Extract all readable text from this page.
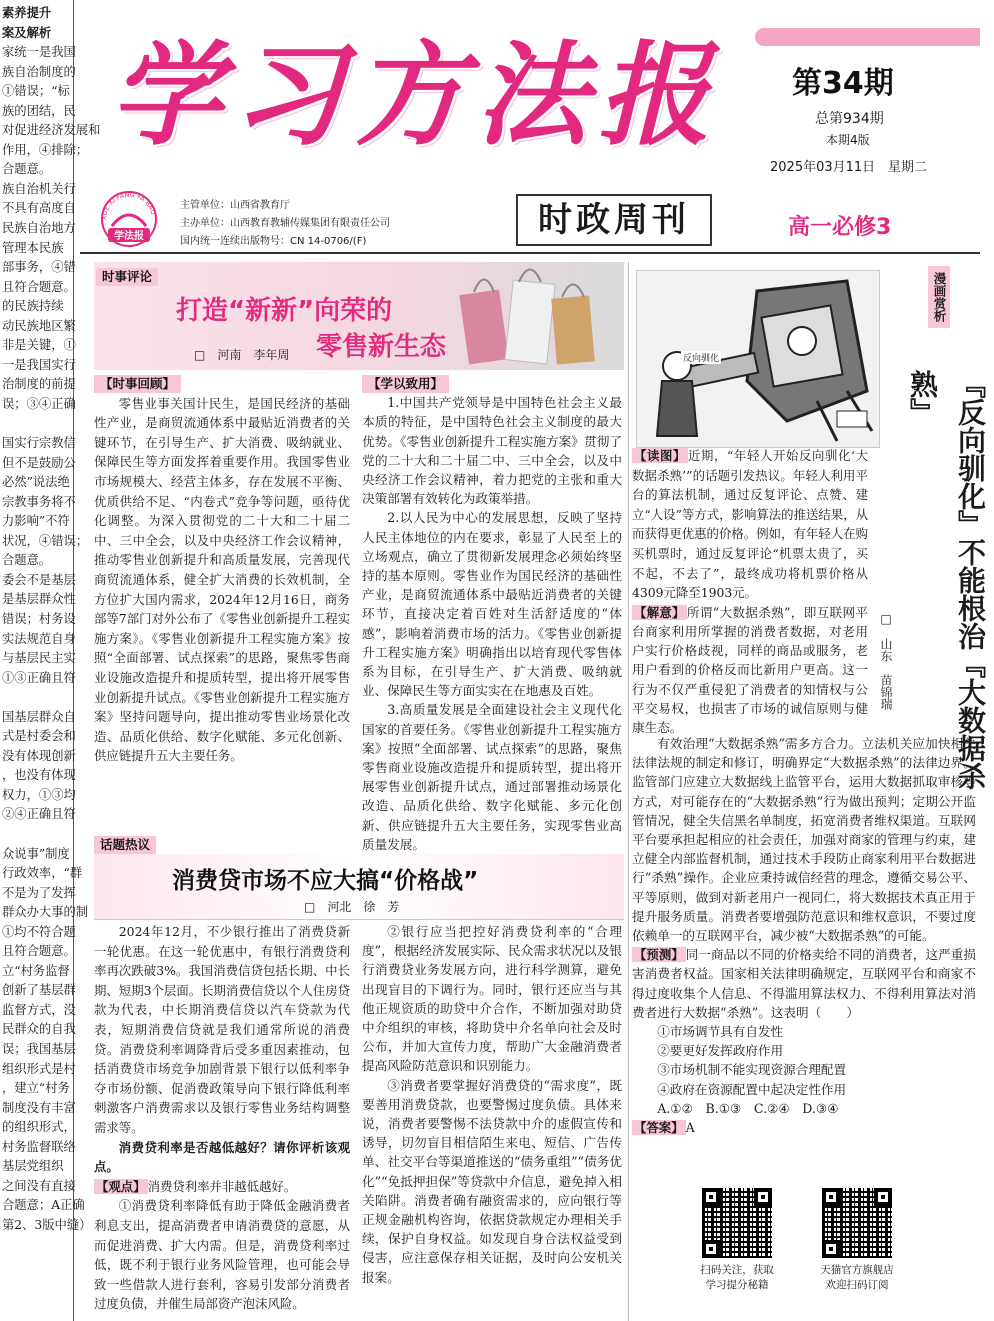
素养提升
案及解析
家统一是我国
族自治制度的
①错误；“标
族的团结，民
对促进经济发展和
作用，④排除；
合题意。
族自治机关行
不具有高度自
民族自治地方
管理本民族
部事务，④错
且符合题意。
的民族持续
动民族地区繁
非是关键，①
一是我国实行
治制度的前提
误；③④正确

国实行宗教信
但不是鼓励公
必然”说法绝
宗教事务将不
力影响”不符
状况，④错误；
合题意。
委会不是基层
是基层群众性
错误；村务设
实法规范自身
与基层民主实
①③正确且符

国基层群众自
式是村委会和
没有体现创新
，也没有体现
权力，①③均
②④正确且符

众说事”制度
行政效率，“群
不是为了发挥
群众办大事的制
①均不符合题
且符合题意。
立“村务监督
创新了基层群
监督方式，没
民群众的自我
误；我国基层
组织形式是村
，建立“村务
制度没有丰富
的组织形式，
村务监督联络
基层党组织
之间没有直接
合题意；A正确
第2、3版中缝）
学习方法报 第34期
总第934期
本期4版
2025年03月11日 星期二
XUE XI FANG FA BAO
学法报
主管单位：山西省教育厅
主办单位：山西教育教辅传媒集团有限责任公司
国内统一连续出版物号：CN 14-0706/(F)
时政周刊	高一必修3
时事评论
打造“新新”向荣的
零售新生态
□　河南　李年周
【时事回顾】

零售业事关国计民生，是国民经济的基础性产业，是商贸流通体系中最贴近消费者的关键环节，在引导生产、扩大消费、吸纳就业、保障民生等方面发挥着重要作用。我国零售业市场规模大、经营主体多，存在发展不平衡、优质供给不足、“内卷式”竞争等问题，亟待优化调整。为深入贯彻党的二十大和二十届二中、三中全会，以及中央经济工作会议精神，推动零售业创新提升和高质量发展，完善现代商贸流通体系，健全扩大消费的长效机制，全方位扩大国内需求，2024年12月16日，商务部等7部门对外公布了《零售业创新提升工程实施方案》。《零售业创新提升工程实施方案》按照“全面部署、试点探索”的思路，聚焦零售商业设施改造提升和提质转型，提出将开展零售业创新提升试点。《零售业创新提升工程实施方案》坚持问题导向，提出推动零售业场景化改造、品质化供给、数字化赋能、多元化创新、供应链提升五大主要任务。

【学以致用】

1.中国共产党领导是中国特色社会主义最本质的特征，是中国特色社会主义制度的最大优势。《零售业创新提升工程实施方案》贯彻了党的二十大和二十届二中、三中全会，以及中央经济工作会议精神，着力把党的主张和重大决策部署有效转化为政策举措。

2.以人民为中心的发展思想，反映了坚持人民主体地位的内在要求，彰显了人民至上的立场观点，确立了贯彻新发展理念必须始终坚持的基本原则。零售业作为国民经济的基础性产业，是商贸流通体系中最贴近消费者的关键环节，直接决定着百姓对生活舒适度的“体感”，影响着消费市场的活力。《零售业创新提升工程实施方案》明确指出以培育现代零售体系为目标，在引导生产、扩大消费、吸纳就业、保障民生等方面实实在在地惠及百姓。

3.高质量发展是全面建设社会主义现代化国家的首要任务。《零售业创新提升工程实施方案》按照“全面部署、试点探索”的思路，聚焦零售商业设施改造提升和提质转型，提出将开展零售业创新提升试点，通过部署推动场景化改造、品质化供给、数字化赋能、多元化创新、供应链提升五大主要任务，实现零售业高质量发展。

话题热议
消费贷市场不应大搞“价格战”
□　河北　徐　芳

2024年12月，不少银行推出了消费贷新一轮优惠。在这一轮优惠中，有银行消费贷利率再次跌破3%。我国消费信贷包括长期、中长期、短期3个层面。长期消费信贷以个人住房贷款为代表，中长期消费信贷以汽车贷款为代表，短期消费信贷就是我们通常所说的消费贷。消费贷利率调降背后受多重因素推动，包括消费贷市场竞争加剧背景下银行以低利率争夺市场份额、促消费政策导向下银行降低利率刺激客户消费需求以及银行零售业务结构调整需求等。

消费贷利率是否越低越好？请你评析该观点。

【观点】 消费贷利率并非越低越好。

①消费贷利率降低有助于降低金融消费者利息支出，提高消费者申请消费贷的意愿，从而促进消费、扩大内需。但是，消费贷利率过低，既不利于银行业务风险管理，也可能会导致一些借款人进行套利，容易引发部分消费者过度负债，并催生局部资产泡沫风险。

②银行应当把控好消费贷利率的“合理度”，根据经济发展实际、民众需求状况以及银行消费贷业务发展方向，进行科学测算，避免出现盲目的下调行为。同时，银行还应当与其他正规资质的助贷中介合作，不断加强对助贷中介组织的审核，将助贷中介名单向社会及时公布，并加大宣传力度，帮助广大金融消费者提高风险防范意识和识别能力。

③消费者要掌握好消费贷的“需求度”，既要善用消费贷款，也要警惕过度负债。具体来说，消费者要警惕不法贷款中介的虚假宣传和诱导，切勿盲目相信陌生来电、短信、广告传单、社交平台等渠道推送的“债务重组”“债务优化”“免抵押担保”等贷款中介信息，避免掉入相关陷阱。消费者确有融资需求的，应向银行等正规金融机构咨询，依据贷款规定办理相关手续，保护自身权益。如发现自身合法权益受到侵害，应注意保存相关证据，及时向公安机关报案。

反向驯化
漫画赏析
『反向驯化』不能根治『大数据杀熟』
□　山东　苗锦瑞
【读图】 近期，“年轻人开始反向驯化‘大数据杀熟’”的话题引发热议。年轻人利用平台的算法机制，通过反复评论、点赞、建立“人设”等方式，影响算法的推送结果，从而获得更优惠的价格。例如，有年轻人在购买机票时，通过反复评论“机票太贵了，买不起，不去了”，最终成功将机票价格从4309元降至1903元。
【解意】 所谓“大数据杀熟”，即互联网平台商家利用所掌握的消费者数据，对老用户实行价格歧视，同样的商品或服务，老用户看到的价格反而比新用户更高。这一行为不仅严重侵犯了消费者的知情权与公平交易权，也损害了市场的诚信原则与健康生态。

有效治理“大数据杀熟”需多方合力。立法机关应加快相关法律法规的制定和修订，明确界定“大数据杀熟”的法律边界。监管部门应建立大数据线上监管平台，运用大数据抓取审核等方式，对可能存在的“大数据杀熟”行为做出预判；定期公开监管情况，健全失信黑名单制度，拓宽消费者维权渠道。互联网平台要承担起相应的社会责任，加强对商家的管理与约束，建立健全内部监督机制，通过技术手段防止商家利用平台数据进行“杀熟”操作。企业应秉持诚信经营的理念，遵循交易公平、平等原则，做到对新老用户一视同仁，将大数据技术真正用于提升服务质量。消费者要增强防范意识和维权意识，不要过度依赖单一的互联网平台，减少被“大数据杀熟”的可能。

【预测】 同一商品以不同的价格卖给不同的消费者，这严重损害消费者权益。国家相关法律明确规定，互联网平台和商家不得过度收集个人信息、不得滥用算法权力、不得利用算法对消费者进行大数据“杀熟”。这表明（　　）
①市场调节具有自发性
②要更好发挥政府作用
③市场机制不能实现资源合理配置
④政府在资源配置中起决定性作用
A.①②　B.①③　C.②④　D.③④
【答案】 A
扫码关注，获取
学习提分秘籍
天猫官方旗舰店
欢迎扫码订阅
